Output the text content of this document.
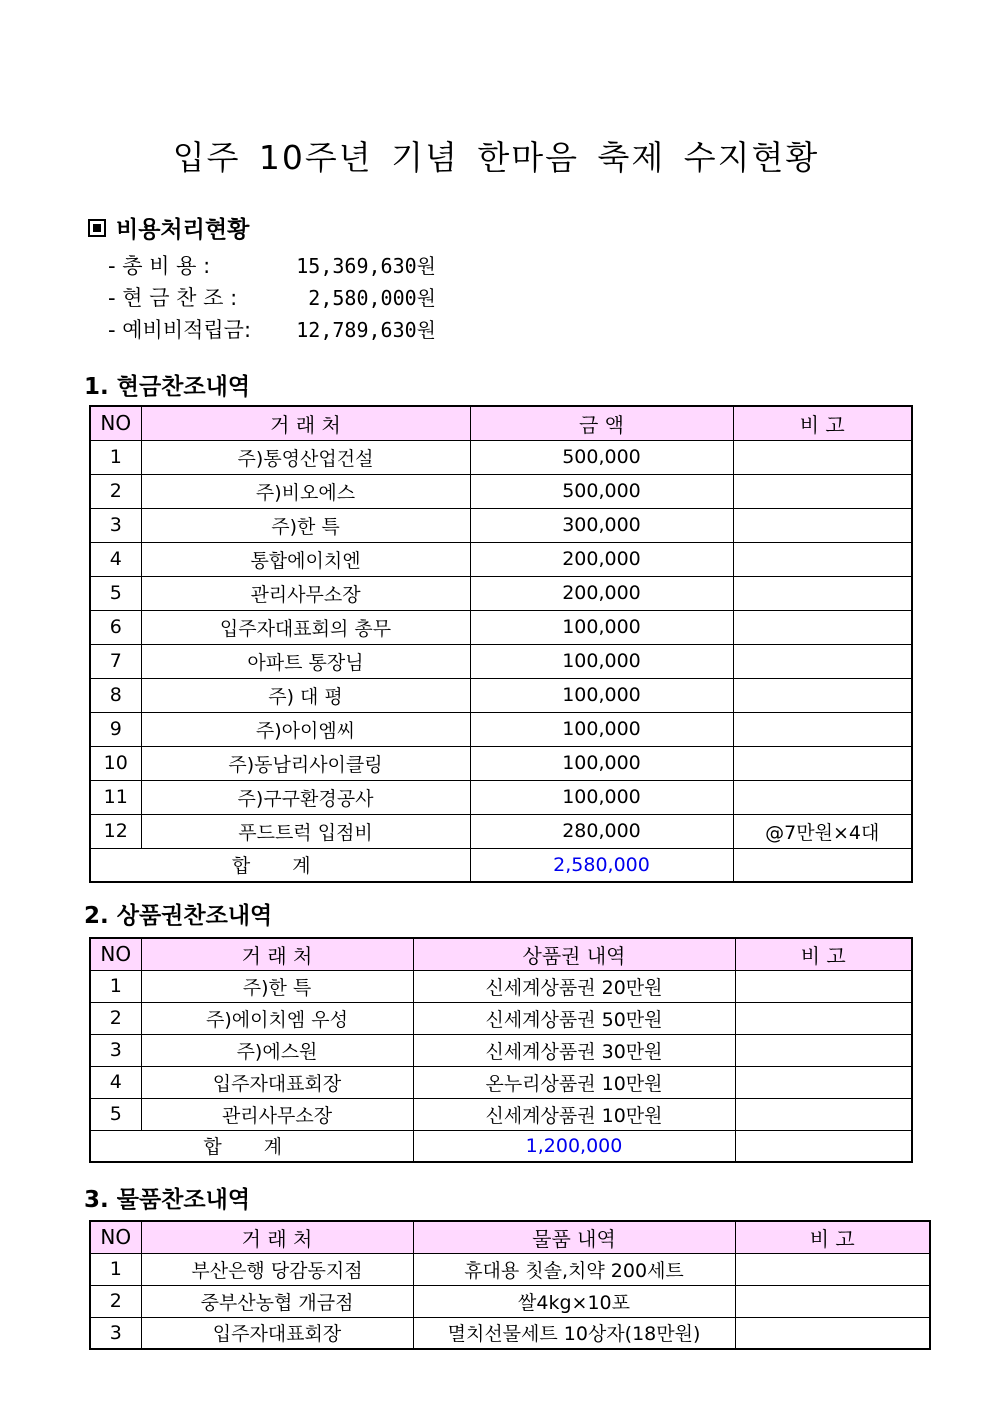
입주 10주년 기념 한마음 축제 수지현황
비용처리현황
- 총 비 용 :	15,369,630원
- 현 금 찬 조 :	2,580,000원
- 예비비적립금: 12,789,630원
1. 현금찬조내역
NO	거 래 처	금 액	비 고
1	주)통영산업건설	500,000	
2	주)비오에스	500,000	
3	주)한 특	300,000	
4	통합에이치엔	200,000	
5	관리사무소장	200,000	
6	입주자대표회의 총무	100,000	
7	아파트 통장님	100,000	
8	주) 대 평	100,000	
9	주)아이엠씨	100,000	
10	주)동남리사이클링	100,000	
11	주)구구환경공사	100,000	
12	푸드트럭 입점비	280,000	@7만원×4대
합 계		2,580,000	
2. 상품권찬조내역
NO	거 래 처	상품권 내역	비 고
1	주)한 특	신세계상품권 20만원	
2	주)에이치엠 우성	신세계상품권 50만원	
3	주)에스원	신세계상품권 30만원	
4	입주자대표회장	온누리상품권 10만원	
5	관리사무소장	신세계상품권 10만원	
합 계		1,200,000	
3. 물품찬조내역
NO	거 래 처	물품 내역	비 고
1	부산은행 당감동지점	휴대용 칫솔,치약 200세트	
2	중부산농협 개금점	쌀4kg×10포	
3	입주자대표회장	멸치선물세트 10상자(18만원)	
